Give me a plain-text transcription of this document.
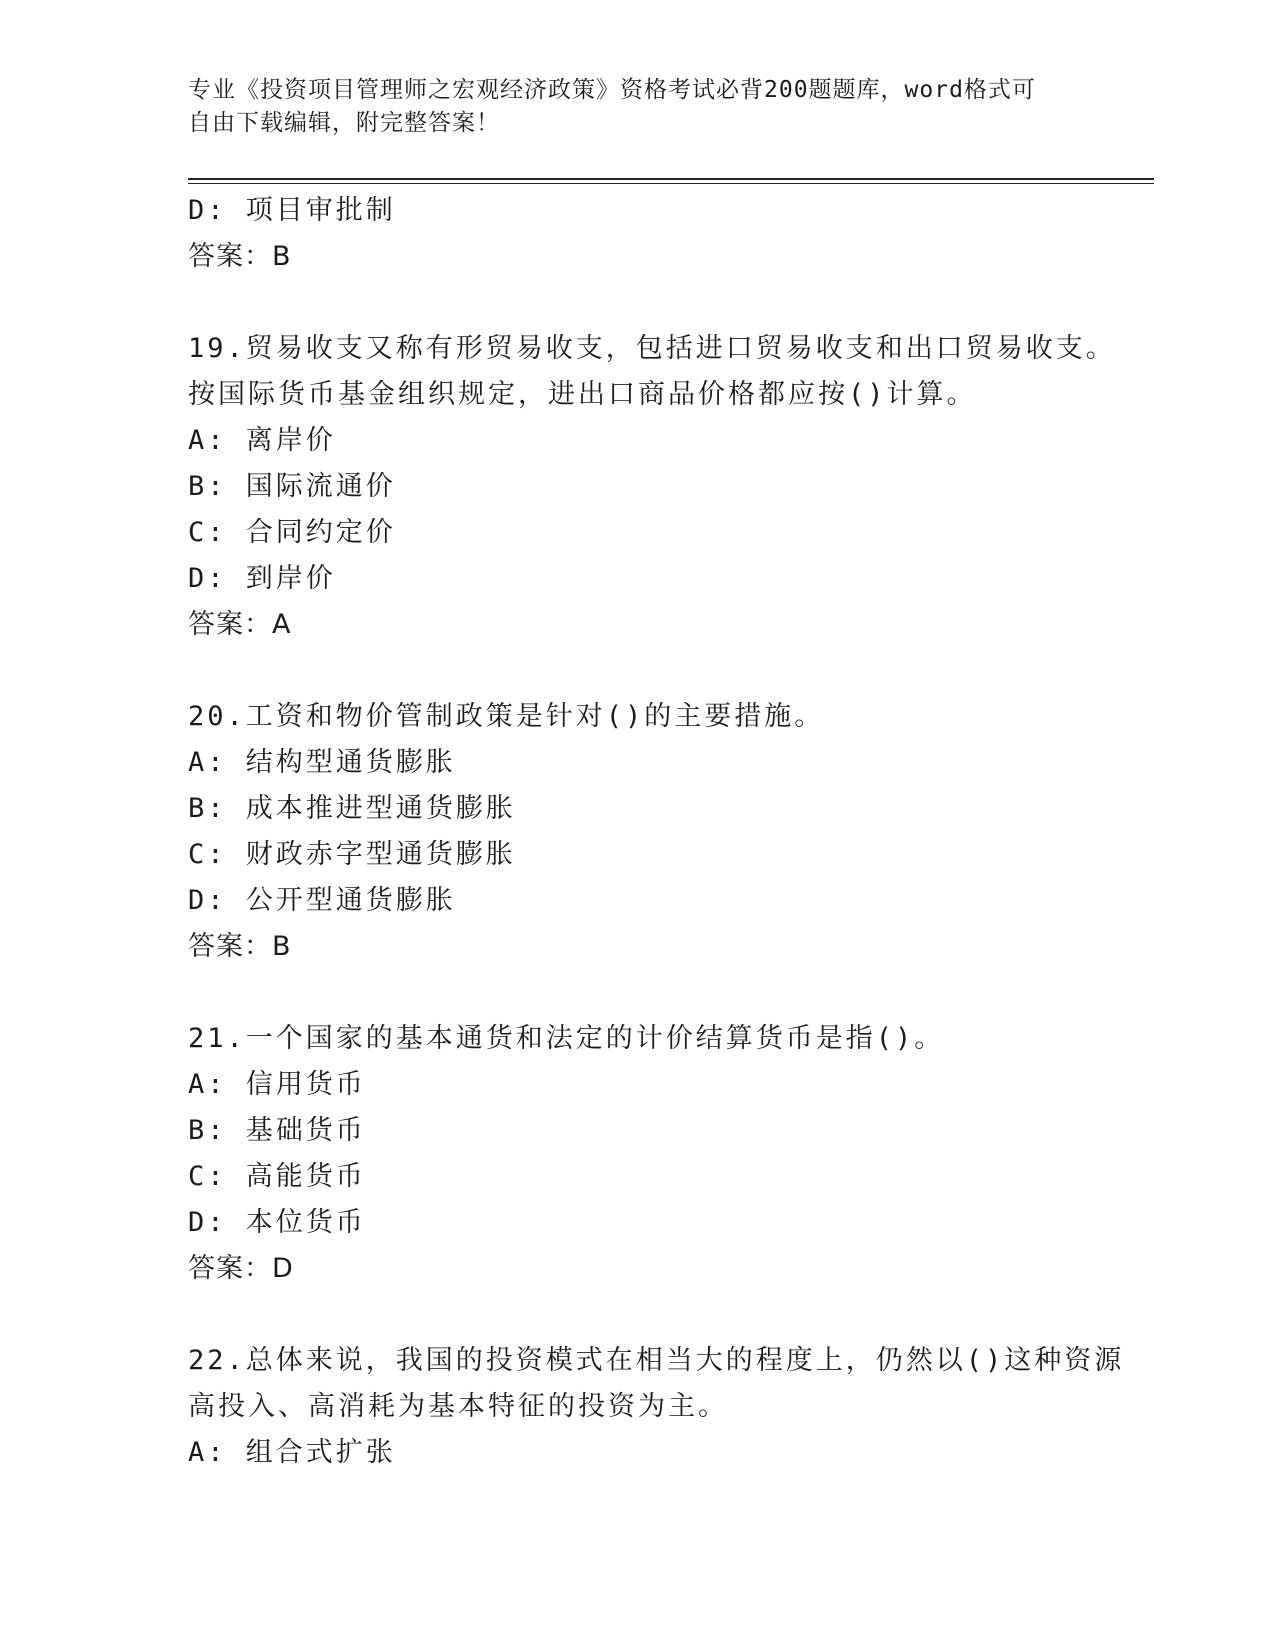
专业《投资项目管理师之宏观经济政策》资格考试必背200题题库，word格式可
自由下载编辑，附完整答案！
D: 项目审批制
答案：B
19.贸易收支又称有形贸易收支，包括进口贸易收支和出口贸易收支。
按国际货币基金组织规定，进出口商品价格都应按()计算。
A: 离岸价
B: 国际流通价
C: 合同约定价
D: 到岸价
答案：A
20.工资和物价管制政策是针对()的主要措施。
A: 结构型通货膨胀
B: 成本推进型通货膨胀
C: 财政赤字型通货膨胀
D: 公开型通货膨胀
答案：B
21.一个国家的基本通货和法定的计价结算货币是指()。
A: 信用货币
B: 基础货币
C: 高能货币
D: 本位货币
答案：D
22.总体来说，我国的投资模式在相当大的程度上，仍然以()这种资源
高投入、高消耗为基本特征的投资为主。
A: 组合式扩张
